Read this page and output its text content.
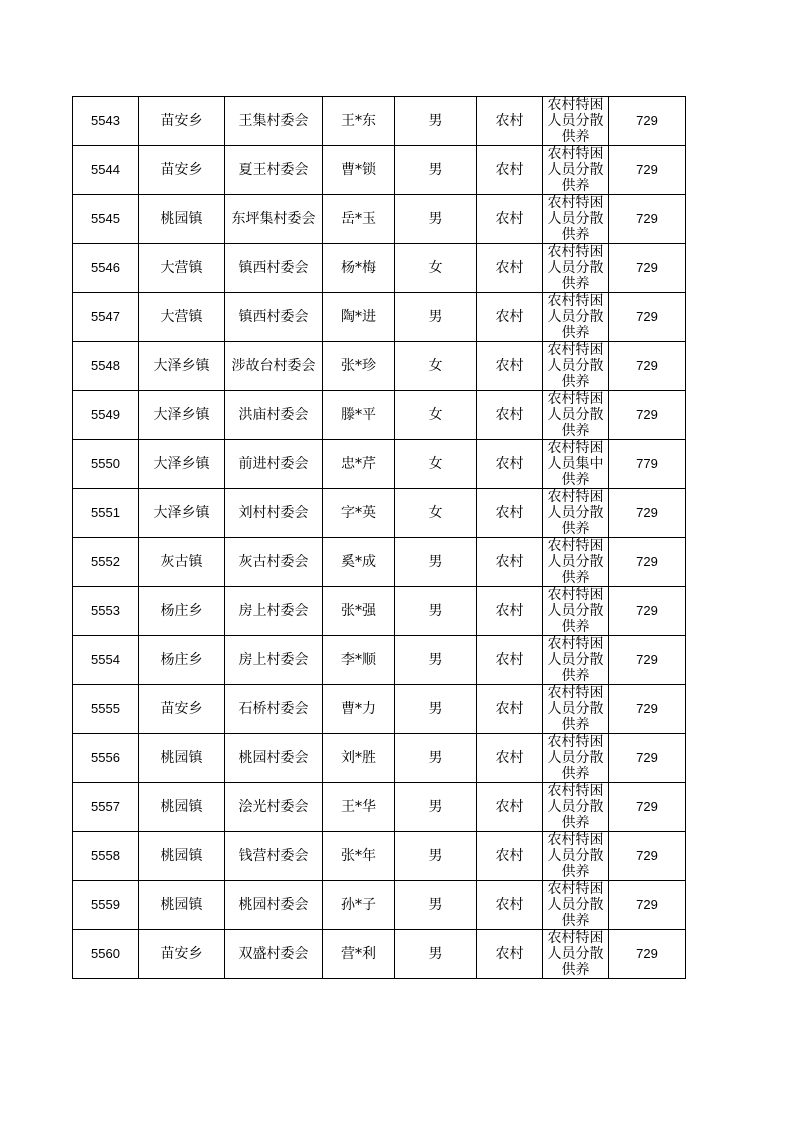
5543	苗安乡	王集村委会	王*东	男	农村	农村特困人员分散供养	729
5544	苗安乡	夏王村委会	曹*锁	男	农村	农村特困人员分散供养	729
5545	桃园镇	东坪集村委会	岳*玉	男	农村	农村特困人员分散供养	729
5546	大营镇	镇西村委会	杨*梅	女	农村	农村特困人员分散供养	729
5547	大营镇	镇西村委会	陶*进	男	农村	农村特困人员分散供养	729
5548	大泽乡镇	涉故台村委会	张*珍	女	农村	农村特困人员分散供养	729
5549	大泽乡镇	洪庙村委会	滕*平	女	农村	农村特困人员分散供养	729
5550	大泽乡镇	前进村委会	忠*芹	女	农村	农村特困人员集中供养	779
5551	大泽乡镇	刘村村委会	字*英	女	农村	农村特困人员分散供养	729
5552	灰古镇	灰古村委会	奚*成	男	农村	农村特困人员分散供养	729
5553	杨庄乡	房上村委会	张*强	男	农村	农村特困人员分散供养	729
5554	杨庄乡	房上村委会	李*顺	男	农村	农村特困人员分散供养	729
5555	苗安乡	石桥村委会	曹*力	男	农村	农村特困人员分散供养	729
5556	桃园镇	桃园村委会	刘*胜	男	农村	农村特困人员分散供养	729
5557	桃园镇	浍光村委会	王*华	男	农村	农村特困人员分散供养	729
5558	桃园镇	钱营村委会	张*年	男	农村	农村特困人员分散供养	729
5559	桃园镇	桃园村委会	孙*子	男	农村	农村特困人员分散供养	729
5560	苗安乡	双盛村委会	营*利	男	农村	农村特困人员分散供养	729
